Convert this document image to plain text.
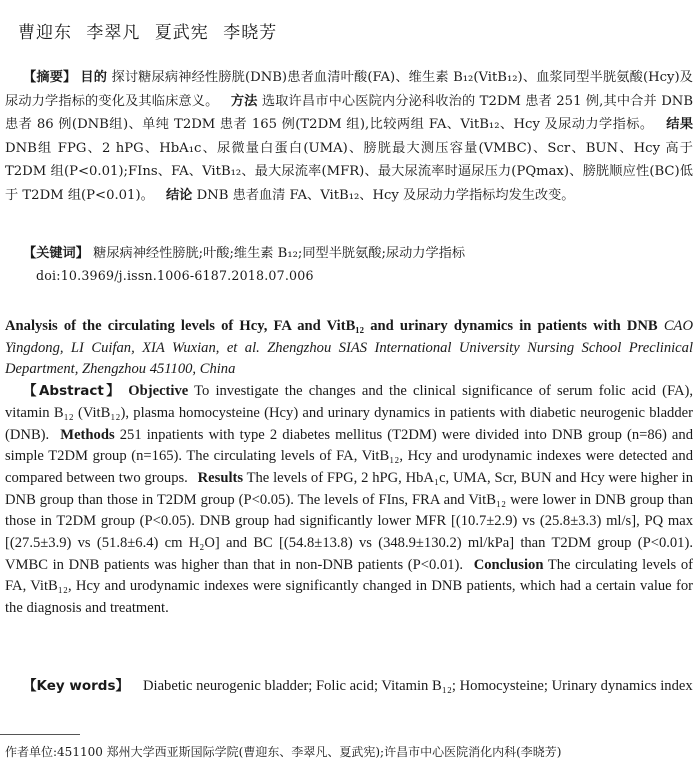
曹迎东 李翠凡 夏武宪 李晓芳
【摘要】 目的 探讨糖尿病神经性膀胱(DNB)患者血清叶酸(FA)、维生素 B₁₂(VitB₁₂)、血浆同型半胱氨酸(Hcy)及尿动力学指标的变化及其临床意义。 方法 选取许昌市中心医院内分泌科收治的 T2DM 患者 251 例,其中合并 DNB 患者 86 例(DNB组)、单纯 T2DM 患者 165 例(T2DM 组),比较两组 FA、VitB₁₂、Hcy 及尿动力学指标。 结果 DNB组 FPG、2 hPG、HbA₁c、尿微量白蛋白(UMA)、膀胱最大测压容量(VMBC)、Scr、BUN、Hcy 高于 T2DM 组(P<0.01);FIns、FA、VitB₁₂、最大尿流率(MFR)、最大尿流率时逼尿压力(PQmax)、膀胱顺应性(BC)低于 T2DM 组(P<0.01)。 结论 DNB 患者血清 FA、VitB₁₂、Hcy 及尿动力学指标均发生改变。
【关键词】 糖尿病神经性膀胱;叶酸;维生素 B₁₂;同型半胱氨酸;尿动力学指标
doi:10.3969/j.issn.1006-6187.2018.07.006
Analysis of the circulating levels of Hcy, FA and VitB₁₂ and urinary dynamics in patients with DNB CAO Yingdong, LI Cuifan, XIA Wuxian, et al. Zhengzhou SIAS International University Nursing School Preclinical Department, Zhengzhou 451100, China
【Abstract】 Objective To investigate the changes and the clinical significance of serum folic acid (FA), vitamin B₁₂ (VitB₁₂), plasma homocysteine (Hcy) and urinary dynamics in patients with diabetic neurogenic bladder (DNB). Methods 251 inpatients with type 2 diabetes mellitus (T2DM) were divided into DNB group (n=86) and simple T2DM group (n=165). The circulating levels of FA, VitB₁₂, Hcy and urodynamic indexes were detected and compared between two groups. Results The levels of FPG, 2 hPG, HbA₁c, UMA, Scr, BUN and Hcy were higher in DNB group than those in T2DM group (P<0.05). The levels of FIns, FRA and VitB₁₂ were lower in DNB group than those in T2DM group (P<0.05). DNB group had significantly lower MFR [(10.7±2.9) vs (25.8±3.3) ml/s], PQ max [(27.5±3.9) vs (51.8±6.4) cm H₂O] and BC [(54.8±13.8) vs (348.9±130.2) ml/kPa] than T2DM group (P<0.01). VMBC in DNB patients was higher than that in non-DNB patients (P<0.01). Conclusion The circulating levels of FA, VitB₁₂, Hcy and urodynamic indexes were significantly changed in DNB patients, which had a certain value for the diagnosis and treatment.
【Key words】 Diabetic neurogenic bladder; Folic acid; Vitamin B₁₂; Homocysteine; Urinary dynamics index
作者单位:451100 郑州大学西亚斯国际学院(曹迎东、李翠凡、夏武宪);许昌市中心医院消化内科(李晓芳)
